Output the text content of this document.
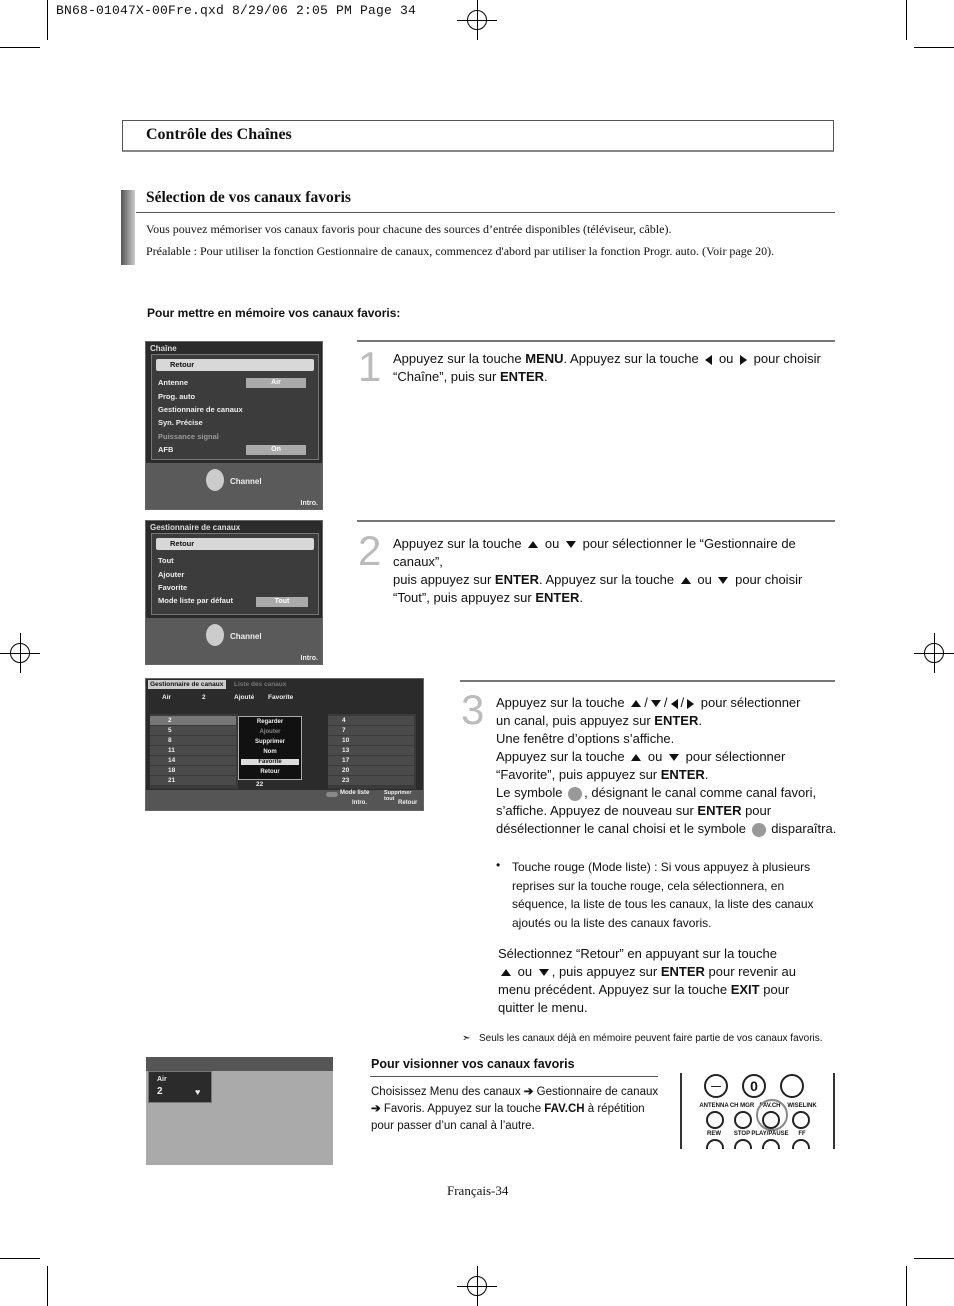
BN68-01047X-00Fre.qxd 8/29/06 2:05 PM Page 34
Contrôle des Chaînes
Sélection de vos canaux favoris
Vous pouvez mémoriser vos canaux favoris pour chacune des sources d’entrée disponibles (téléviseur, câble).
Préalable : Pour utiliser la fonction Gestionnaire de canaux, commencez d'abord par utiliser la fonction Progr. auto. (Voir page 20).
Pour mettre en mémoire vos canaux favoris:
Chaîne
Retour
Antenne	Air
Prog. auto
Gestionnaire de canaux
Syn. Précise
Puissance signal
AFB	On
Channel
Intro.
Gestionnaire de canaux
Retour
Tout
Ajouter
Favorite
Mode liste par défaut	Tout
Channel
Intro.
Gestionnaire de canaux	Liste des canaux
Air	2	Ajouté Favorite
2
5
8
11
14
18
21
Regarder
Ajouter
Supprimer
Nom
Favorite
Retour
22
4
7
10
13
17
20
23
Mode liste	Supprimer tout
Intro.	Retour
1 Appuyez sur la touche MENU. Appuyez sur la touche ou pour choisir
“Chaîne”, puis sur ENTER.
2 Appuyez sur la touche ou pour sélectionner le “Gestionnaire de canaux”,
puis appuyez sur ENTER. Appuyez sur la touche ou pour choisir
“Tout”, puis appuyez sur ENTER.
3 Appuyez sur la touche / / / pour sélectionner
un canal, puis appuyez sur ENTER.
Une fenêtre d’options s’affiche.
Appuyez sur la touche ou pour sélectionner
“Favorite”, puis appuyez sur ENTER.
Le symbole , désignant le canal comme canal favori,
s’affiche. Appuyez de nouveau sur ENTER pour
désélectionner le canal choisi et le symbole disparaîtra.
• Touche rouge (Mode liste) : Si vous appuyez à plusieurs reprises sur la touche rouge, cela sélectionnera, en séquence, la liste de tous les canaux, la liste des canaux ajoutés ou la liste des canaux favoris.
Sélectionnez “Retour” en appuyant sur la touche
ou , puis appuyez sur ENTER pour revenir au
menu précédent. Appuyez sur la touche EXIT pour
quitter le menu.
➣ Seuls les canaux déjà en mémoire peuvent faire partie de vos canaux favoris.
Air
2	♥
Pour visionner vos canaux favoris
Choisissez Menu des canaux ➔ Gestionnaire de canaux
➔ Favoris. Appuyez sur la touche FAV.CH à répétition
pour passer d’un canal à l’autre.
0
ANTENNA CH MGR FAV.CH	WISELINK
REW	STOP PLAY/PAUSE	FF
Français-34
